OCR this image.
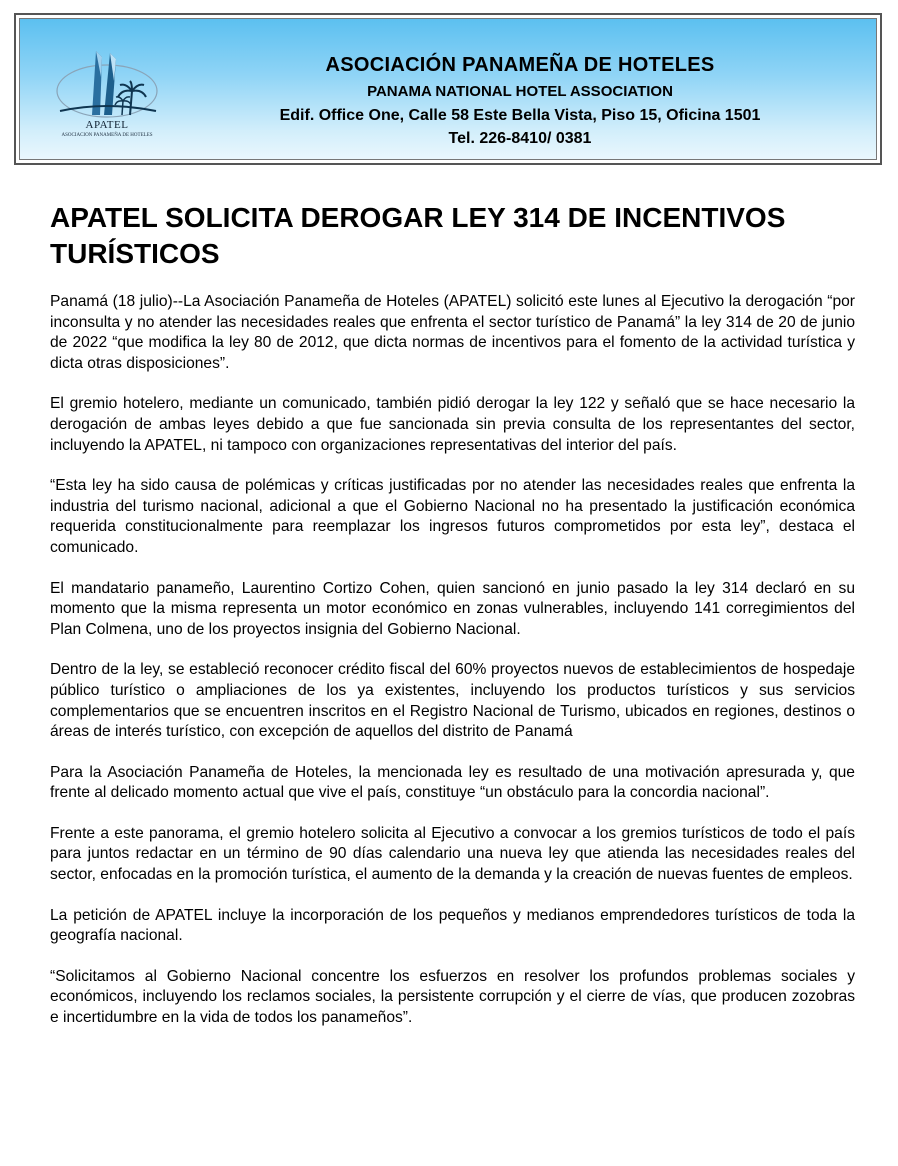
APATEL
ASOCIACION PANAMEÑA DE HOTELES
ASOCIACIÓN PANAMEÑA DE HOTELES
PANAMA NATIONAL HOTEL ASSOCIATION
Edif. Office One, Calle 58 Este Bella Vista, Piso 15, Oficina 1501
Tel. 226-8410/ 0381
APATEL SOLICITA DEROGAR LEY 314 DE INCENTIVOS TURÍSTICOS

Panamá (18 julio)--La Asociación Panameña de Hoteles (APATEL) solicitó este lunes al Ejecutivo la derogación “por inconsulta y no atender las necesidades reales que enfrenta el sector turístico de Panamá” la ley 314 de 20 de junio de 2022 “que modifica la ley 80 de 2012, que dicta normas de incentivos para el fomento de la actividad turística y dicta otras disposiciones”.

El gremio hotelero, mediante un comunicado, también pidió derogar la ley 122 y señaló que se hace necesario la derogación de ambas leyes debido a que fue sancionada sin previa consulta de los representantes del sector, incluyendo la APATEL, ni tampoco con organizaciones representativas del interior del país.

“Esta ley ha sido causa de polémicas y críticas justificadas por no atender las necesidades reales que enfrenta la industria del turismo nacional, adicional a que el Gobierno Nacional no ha presentado la justificación económica requerida constitucionalmente para reemplazar los ingresos futuros comprometidos por esta ley”, destaca el comunicado.

El mandatario panameño, Laurentino Cortizo Cohen, quien sancionó en junio pasado la ley 314 declaró en su momento que la misma representa un motor económico en zonas vulnerables, incluyendo 141 corregimientos del Plan Colmena, uno de los proyectos insignia del Gobierno Nacional.

Dentro de la ley, se estableció reconocer crédito fiscal del 60% proyectos nuevos de establecimientos de hospedaje público turístico o ampliaciones de los ya existentes, incluyendo los productos turísticos y sus servicios complementarios que se encuentren inscritos en el Registro Nacional de Turismo, ubicados en regiones, destinos o áreas de interés turístico, con excepción de aquellos del distrito de Panamá

Para la Asociación Panameña de Hoteles, la mencionada ley es resultado de una motivación apresurada y, que frente al delicado momento actual que vive el país, constituye “un obstáculo para la concordia nacional”.

Frente a este panorama, el gremio hotelero solicita al Ejecutivo a convocar a los gremios turísticos de todo el país para juntos redactar en un término de 90 días calendario una nueva ley que atienda las necesidades reales del sector, enfocadas en la promoción turística, el aumento de la demanda y la creación de nuevas fuentes de empleos.

La petición de APATEL incluye la incorporación de los pequeños y medianos emprendedores turísticos de toda la geografía nacional.

“Solicitamos al Gobierno Nacional concentre los esfuerzos en resolver los profundos problemas sociales y económicos, incluyendo los reclamos sociales, la persistente corrupción y el cierre de vías, que producen zozobras e incertidumbre en la vida de todos los panameños”.
